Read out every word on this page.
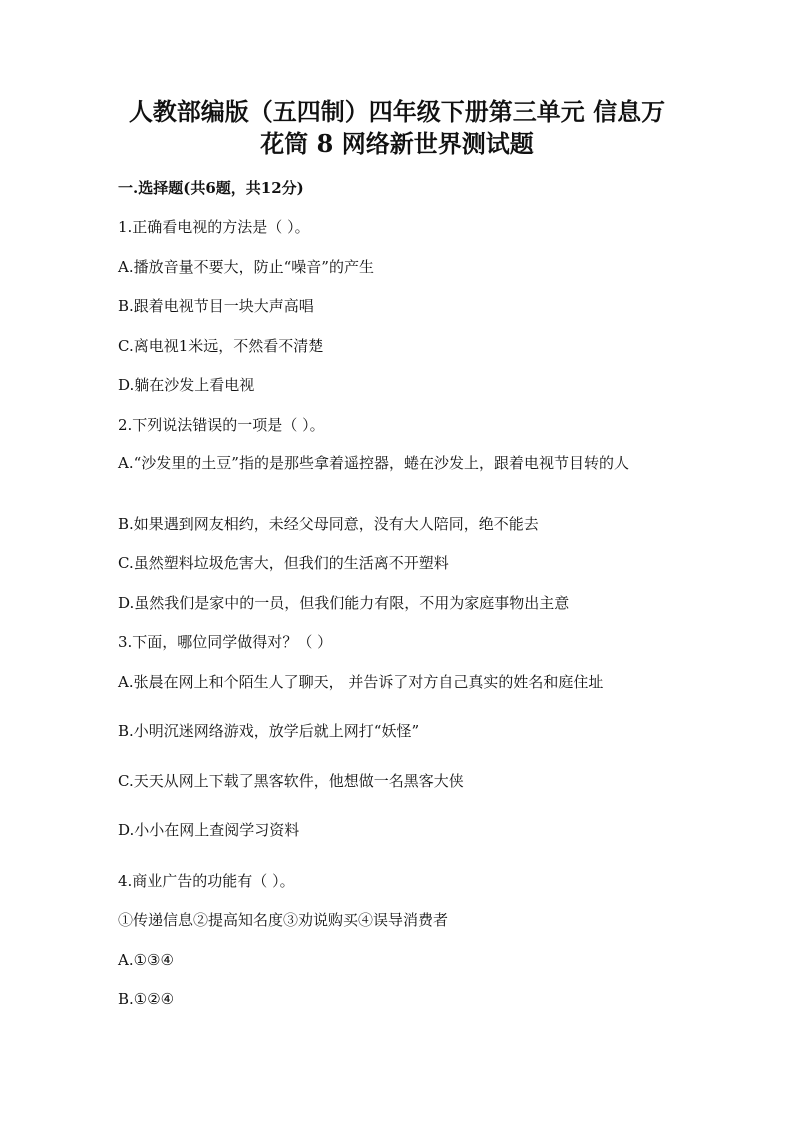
人教部编版（五四制）四年级下册第三单元 信息万
花筒 8 网络新世界测试题
一.选择题(共6题，共12分)
1.正确看电视的方法是（ ）。
A.播放音量不要大，防止“噪音”的产生
B.跟着电视节目一块大声高唱
C.离电视1米远，不然看不清楚
D.躺在沙发上看电视
2.下列说法错误的一项是（ ）。
A.“沙发里的土豆”指的是那些拿着遥控器，蜷在沙发上，跟着电视节目转的人
B.如果遇到网友相约，未经父母同意，没有大人陪同，绝不能去
C.虽然塑料垃圾危害大，但我们的生活离不开塑料
D.虽然我们是家中的一员，但我们能力有限，不用为家庭事物出主意
3.下面，哪位同学做得对？（ ）
A.张晨在网上和个陌生人了聊天， 并告诉了对方自己真实的姓名和庭住址
B.小明沉迷网络游戏，放学后就上网打“妖怪”
C.天天从网上下载了黑客软件，他想做一名黑客大侠
D.小小在网上查阅学习资料
4.商业广告的功能有（ ）。
①传递信息②提高知名度③劝说购买④误导消费者
A.①③④
B.①②④
